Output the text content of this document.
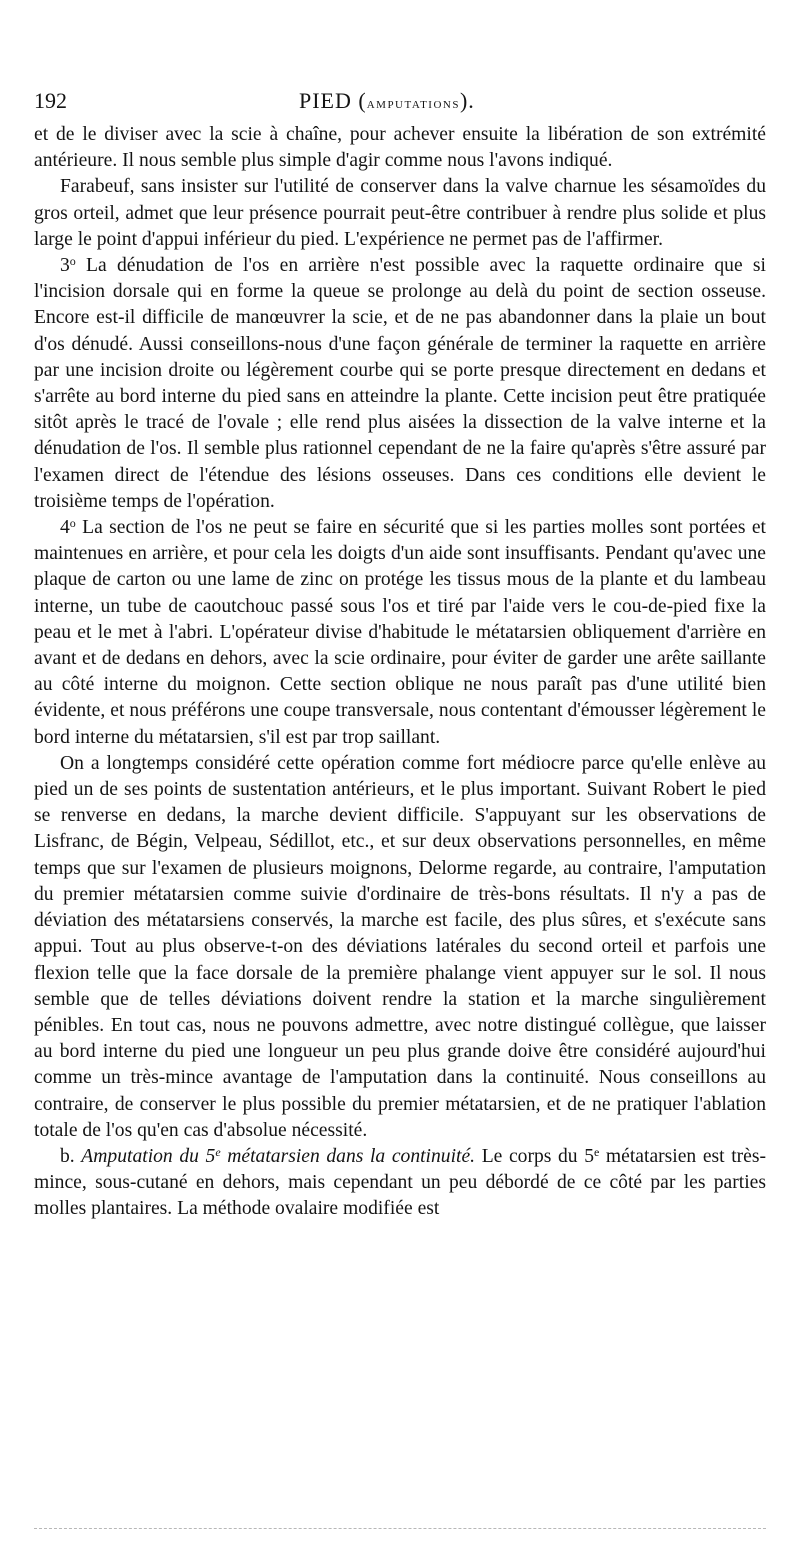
192	PIED (amputations).

et de le diviser avec la scie à chaîne, pour achever ensuite la libération de son extrémité antérieure. Il nous semble plus simple d'agir comme nous l'avons indiqué.

Farabeuf, sans insister sur l'utilité de conserver dans la valve charnue les sésamoïdes du gros orteil, admet que leur présence pourrait peut-être contribuer à rendre plus solide et plus large le point d'appui inférieur du pied. L'expérience ne permet pas de l'affirmer.

3$^o$ La dénudation de l'os en arrière n'est possible avec la raquette ordinaire que si l'incision dorsale qui en forme la queue se prolonge au delà du point de section osseuse. Encore est-il difficile de manœuvrer la scie, et de ne pas abandonner dans la plaie un bout d'os dénudé. Aussi conseillons-nous d'une façon générale de terminer la raquette en arrière par une incision droite ou légèrement courbe qui se porte presque directement en dedans et s'arrête au bord interne du pied sans en atteindre la plante. Cette incision peut être pratiquée sitôt après le tracé de l'ovale ; elle rend plus aisées la dissection de la valve interne et la dénudation de l'os. Il semble plus rationnel cependant de ne la faire qu'après s'être assuré par l'examen direct de l'étendue des lésions osseuses. Dans ces conditions elle devient le troisième temps de l'opération.

4$^o$ La section de l'os ne peut se faire en sécurité que si les parties molles sont portées et maintenues en arrière, et pour cela les doigts d'un aide sont insuffisants. Pendant qu'avec une plaque de carton ou une lame de zinc on protége les tissus mous de la plante et du lambeau interne, un tube de caoutchouc passé sous l'os et tiré par l'aide vers le cou-de-pied fixe la peau et le met à l'abri. L'opérateur divise d'habitude le métatarsien obliquement d'arrière en avant et de dedans en dehors, avec la scie ordinaire, pour éviter de garder une arête saillante au côté interne du moignon. Cette section oblique ne nous paraît pas d'une utilité bien évidente, et nous préférons une coupe transversale, nous contentant d'émousser légèrement le bord interne du métatarsien, s'il est par trop saillant.

On a longtemps considéré cette opération comme fort médiocre parce qu'elle enlève au pied un de ses points de sustentation antérieurs, et le plus important. Suivant Robert le pied se renverse en dedans, la marche devient difficile. S'appuyant sur les observations de Lisfranc, de Bégin, Velpeau, Sédillot, etc., et sur deux observations personnelles, en même temps que sur l'examen de plusieurs moignons, Delorme regarde, au contraire, l'amputation du premier métatarsien comme suivie d'ordinaire de très-bons résultats. Il n'y a pas de déviation des métatarsiens conservés, la marche est facile, des plus sûres, et s'exécute sans appui. Tout au plus observe-t-on des déviations latérales du second orteil et parfois une flexion telle que la face dorsale de la première phalange vient appuyer sur le sol. Il nous semble que de telles déviations doivent rendre la station et la marche singulièrement pénibles. En tout cas, nous ne pouvons admettre, avec notre distingué collègue, que laisser au bord interne du pied une longueur un peu plus grande doive être considéré aujourd'hui comme un très-mince avantage de l'amputation dans la continuité. Nous conseillons au contraire, de conserver le plus possible du premier métatarsien, et de ne pratiquer l'ablation totale de l'os qu'en cas d'absolue nécessité.

b. Amputation du 5e métatarsien dans la continuité. Le corps du 5e métatarsien est très-mince, sous-cutané en dehors, mais cependant un peu débordé de ce côté par les parties molles plantaires. La méthode ovalaire modifiée est
